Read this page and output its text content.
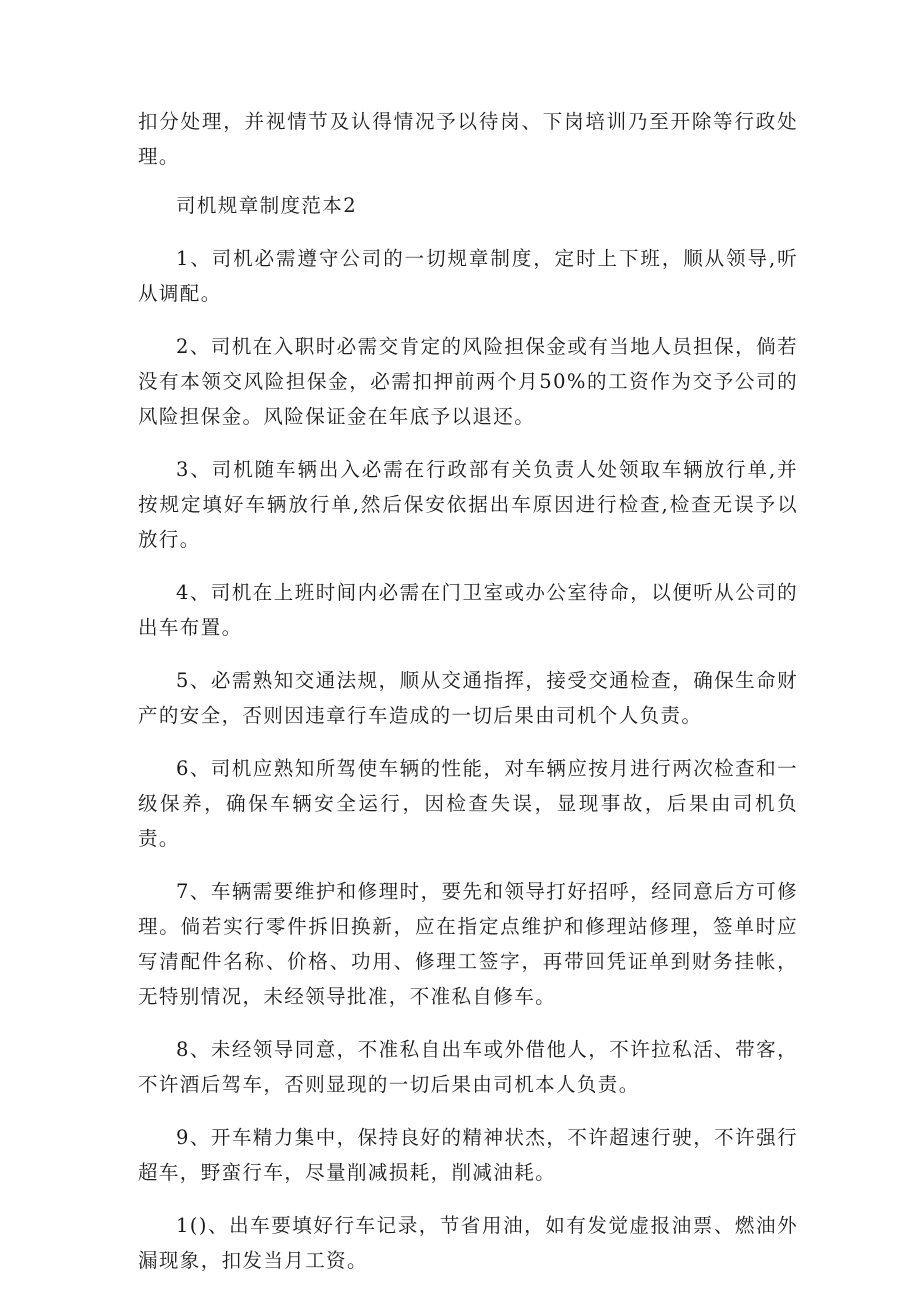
扣分处理，并视情节及认得情况予以待岗、下岗培训乃至开除等行政处理。

司机规章制度范本2

1、司机必需遵守公司的一切规章制度，定时上下班，顺从领导,听从调配。

2、司机在入职时必需交肯定的风险担保金或有当地人员担保，倘若没有本领交风险担保金，必需扣押前两个月50%的工资作为交予公司的风险担保金。风险保证金在年底予以退还。

3、司机随车辆出入必需在行政部有关负责人处领取车辆放行单,并按规定填好车辆放行单,然后保安依据出车原因进行检查,检查无误予以放行。

4、司机在上班时间内必需在门卫室或办公室待命，以便听从公司的出车布置。

5、必需熟知交通法规，顺从交通指挥，接受交通检查，确保生命财产的安全，否则因违章行车造成的一切后果由司机个人负责。

6、司机应熟知所驾使车辆的性能，对车辆应按月进行两次检查和一级保养，确保车辆安全运行，因检查失误，显现事故，后果由司机负责。

7、车辆需要维护和修理时，要先和领导打好招呼，经同意后方可修理。倘若实行零件拆旧换新，应在指定点维护和修理站修理，签单时应写清配件名称、价格、功用、修理工签字，再带回凭证单到财务挂帐，无特别情况，未经领导批准，不准私自修车。

8、未经领导同意，不准私自出车或外借他人，不许拉私活、带客，不许酒后驾车，否则显现的一切后果由司机本人负责。

9、开车精力集中，保持良好的精神状杰，不许超速行驶，不许强行超车，野蛮行车，尽量削减损耗，削减油耗。

1()、出车要填好行车记录，节省用油，如有发觉虚报油票、燃油外漏现象，扣发当月工资。
